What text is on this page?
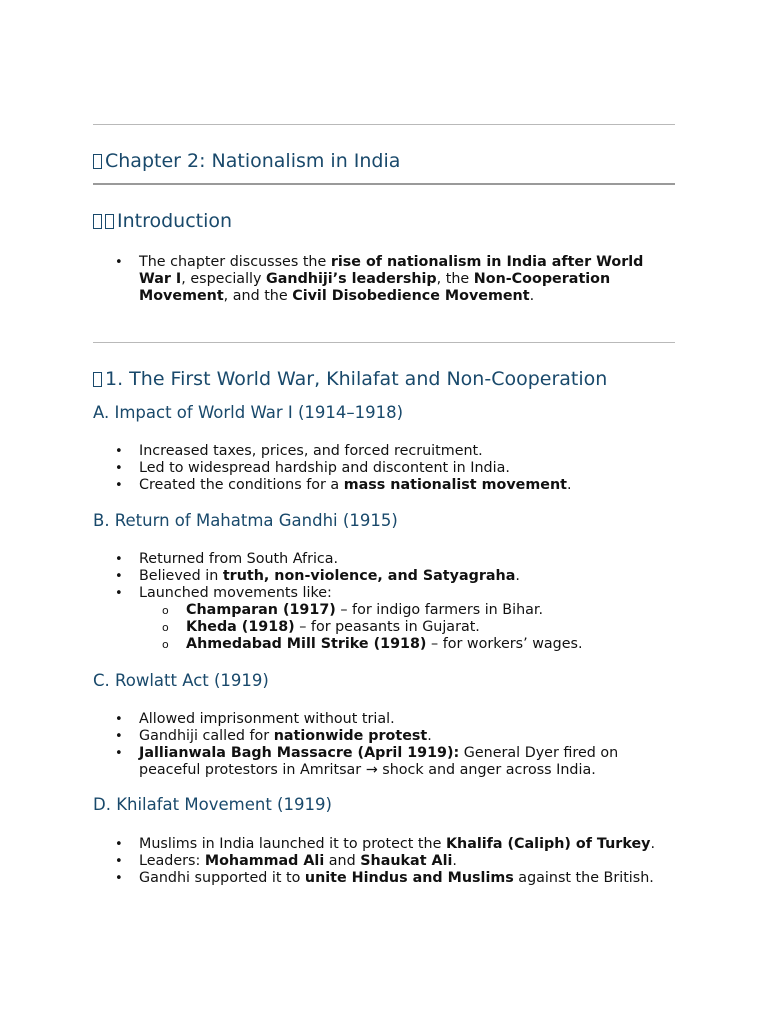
Chapter 2: Nationalism in India
Introduction
• The chapter discusses the rise of nationalism in India after World War I, especially Gandhiji’s leadership, the Non-Cooperation Movement, and the Civil Disobedience Movement.
1. The First World War, Khilafat and Non-Cooperation
A. Impact of World War I (1914–1918)
• Increased taxes, prices, and forced recruitment.
• Led to widespread hardship and discontent in India.
• Created the conditions for a mass nationalist movement.
B. Return of Mahatma Gandhi (1915)
• Returned from South Africa.
• Believed in truth, non-violence, and Satyagraha.
• Launched movements like:
o Champaran (1917) – for indigo farmers in Bihar.
o Kheda (1918) – for peasants in Gujarat.
o Ahmedabad Mill Strike (1918) – for workers’ wages.
C. Rowlatt Act (1919)
• Allowed imprisonment without trial.
• Gandhiji called for nationwide protest.
• Jallianwala Bagh Massacre (April 1919): General Dyer fired on peaceful protestors in Amritsar → shock and anger across India.
D. Khilafat Movement (1919)
• Muslims in India launched it to protect the Khalifa (Caliph) of Turkey.
• Leaders: Mohammad Ali and Shaukat Ali.
• Gandhi supported it to unite Hindus and Muslims against the British.
